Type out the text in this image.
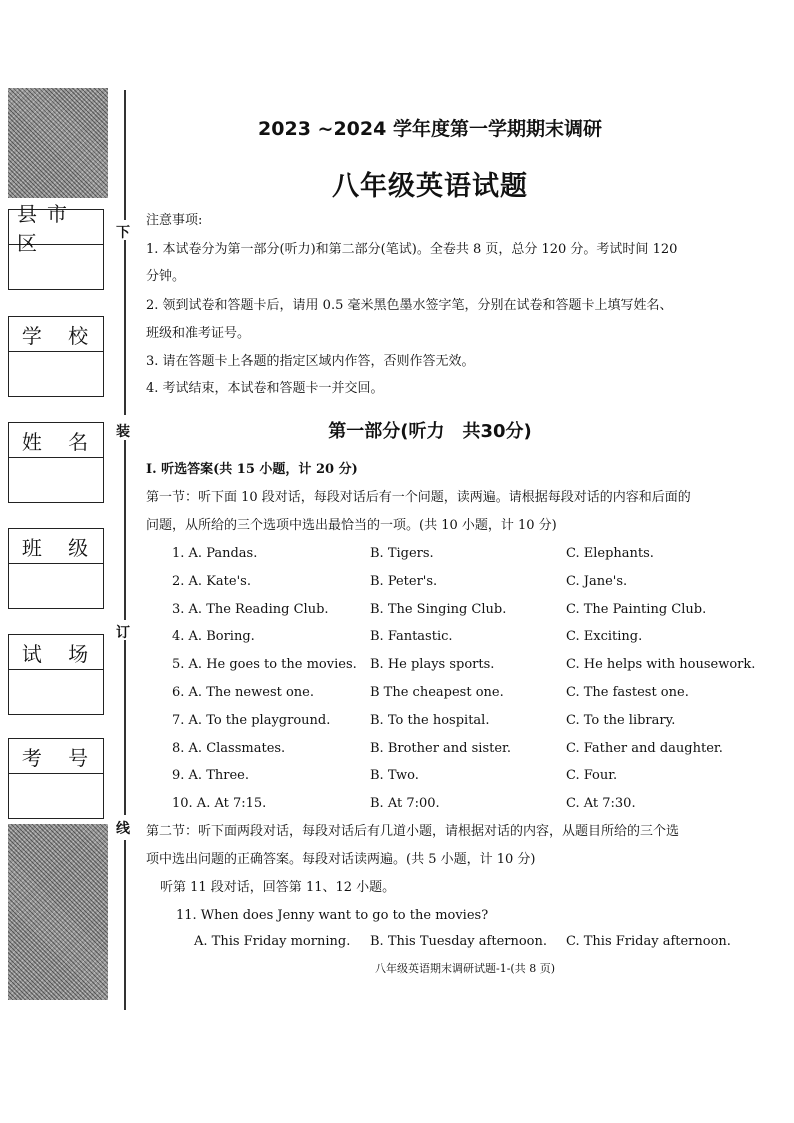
下
装
订
线
县市区
学 校
姓 名
班 级
试 场
考 号
2023 ~2024 学年度第一学期期末调研
八年级英语试题
注意事项:
1. 本试卷分为第一部分(听力)和第二部分(笔试)。全卷共 8 页，总分 120 分。考试时间 120
分钟。
2. 领到试卷和答题卡后，请用 0.5 毫米黑色墨水签字笔，分别在试卷和答题卡上填写姓名、
班级和准考证号。
3. 请在答题卡上各题的指定区域内作答，否则作答无效。
4. 考试结束，本试卷和答题卡一并交回。
第一部分(听力　共30分)
I. 听选答案(共 15 小题，计 20 分)
第一节：听下面 10 段对话，每段对话后有一个问题，读两遍。请根据每段对话的内容和后面的
问题，从所给的三个选项中选出最恰当的一项。(共 10 小题，计 10 分)
1. A. Pandas.	B. Tigers.	C. Elephants.
2. A. Kate's.	B. Peter's.	C. Jane's.
3. A. The Reading Club.	B. The Singing Club.	C. The Painting Club.
4. A. Boring.	B. Fantastic.	C. Exciting.
5. A. He goes to the movies. B. He plays sports.	C. He helps with housework.
6. A. The newest one.	B The cheapest one.	C. The fastest one.
7. A. To the playground.	B. To the hospital.	C. To the library.
8. A. Classmates.	B. Brother and sister.	C. Father and daughter.
9. A. Three.	B. Two.	C. Four.
10. A. At 7:15.	B. At 7:00.	C. At 7:30.
第二节：听下面两段对话，每段对话后有几道小题，请根据对话的内容，从题目所给的三个选
项中选出问题的正确答案。每段对话读两遍。(共 5 小题，计 10 分)
听第 11 段对话，回答第 11、12 小题。
11. When does Jenny want to go to the movies?
A. This Friday morning. B. This Tuesday afternoon. C. This Friday afternoon.
八年级英语期末调研试题-1-(共 8 页)
